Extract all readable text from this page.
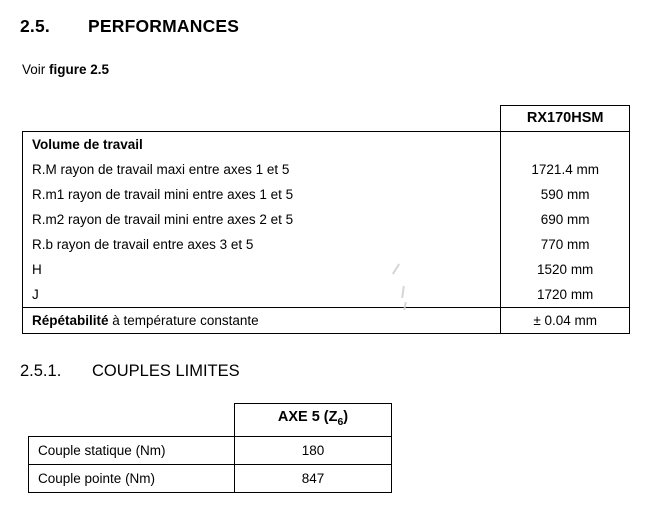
2.5. PERFORMANCES
Voir figure 2.5
	RX170HSM
Volume de travail	
R.M rayon de travail maxi entre axes 1 et 5	1721.4 mm
R.m1 rayon de travail mini entre axes 1 et 5	590 mm
R.m2 rayon de travail mini entre axes 2 et 5	690 mm
R.b rayon de travail entre axes 3 et 5	770 mm
H	1520 mm
J	1720 mm
Répétabilité à température constante	± 0.04 mm
2.5.1. COUPLES LIMITES
	AXE 5 $(Z_6)$
Couple statique (Nm)	180
Couple pointe (Nm)	847
